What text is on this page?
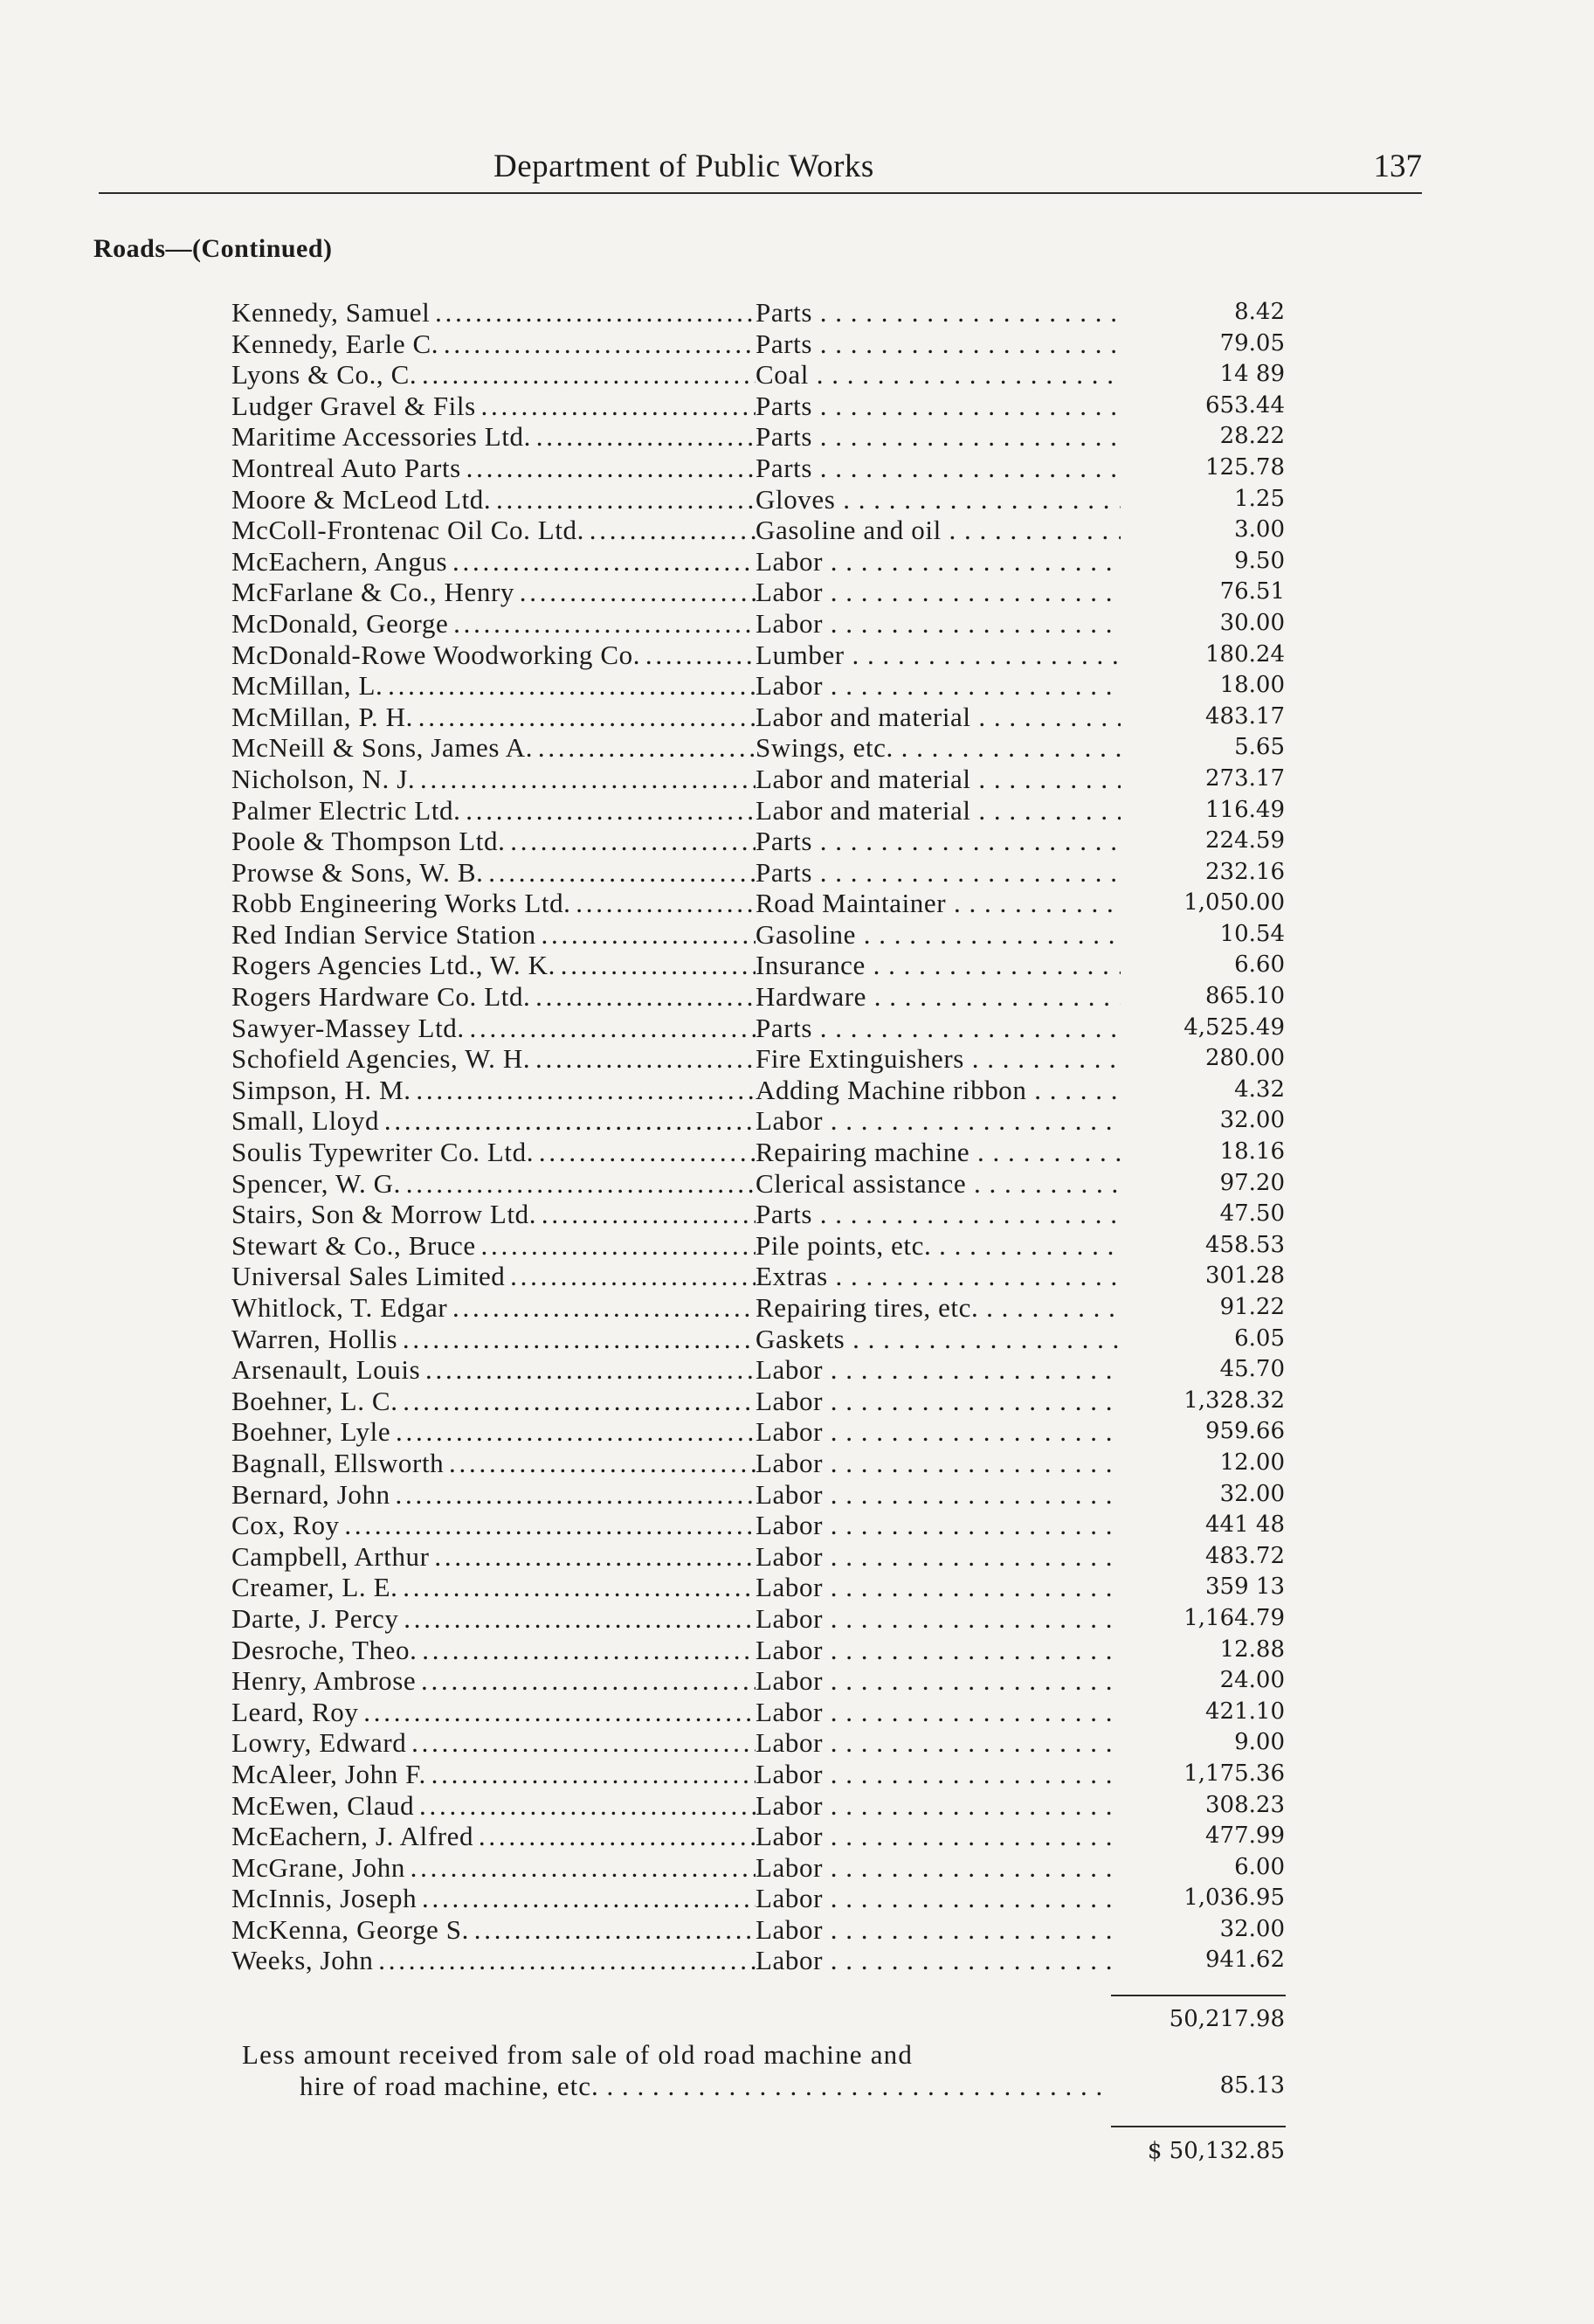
Department of Public Works	137
Roads—(Continued)
Kennedy, Samuel . . .	Parts . . .	8.42
Kennedy, Earle C. . . .	Parts . . .	79.05
Lyons & Co., C. . . .	Coal . . .	14 89
Ludger Gravel & Fils . . .	Parts . . .	653.44
Maritime Accessories Ltd. . . .	Parts . . .	28.22
Montreal Auto Parts . . .	Parts . . .	125.78
Moore & McLeod Ltd. . . .	Gloves . . .	1.25
McColl-Frontenac Oil Co. Ltd. . . .	Gasoline and oil . . .	3.00
McEachern, Angus . . .	Labor . . .	9.50
McFarlane & Co., Henry . . .	Labor . . .	76.51
McDonald, George . . .	Labor . . .	30.00
McDonald-Rowe Woodworking Co. . . .	Lumber . . .	180.24
McMillan, L. . . .	Labor . . .	18.00
McMillan, P. H. . . .	Labor and material . . .	483.17
McNeill & Sons, James A. . . .	Swings, etc. . . .	5.65
Nicholson, N. J. . . .	Labor and material . . .	273.17
Palmer Electric Ltd. . . .	Labor and material . . .	116.49
Poole & Thompson Ltd. . . .	Parts . . .	224.59
Prowse & Sons, W. B. . . .	Parts . . .	232.16
Robb Engineering Works Ltd. . . .	Road Maintainer . . .	1,050.00
Red Indian Service Station . . .	Gasoline . . .	10.54
Rogers Agencies Ltd., W. K. . . .	Insurance . . .	6.60
Rogers Hardware Co. Ltd. . . .	Hardware . . .	865.10
Sawyer-Massey Ltd. . . .	Parts . . .	4,525.49
Schofield Agencies, W. H. . . .	Fire Extinguishers . . .	280.00
Simpson, H. M. . . .	Adding Machine ribbon . . .	4.32
Small, Lloyd . . .	Labor . . .	32.00
Soulis Typewriter Co. Ltd. . . .	Repairing machine . . .	18.16
Spencer, W. G. . . .	Clerical assistance . . .	97.20
Stairs, Son & Morrow Ltd. . . .	Parts . . .	47.50
Stewart & Co., Bruce . . .	Pile points, etc. . . .	458.53
Universal Sales Limited . . .	Extras . . .	301.28
Whitlock, T. Edgar . . .	Repairing tires, etc. . . .	91.22
Warren, Hollis . . .	Gaskets . . .	6.05
Arsenault, Louis . . .	Labor . . .	45.70
Boehner, L. C. . . .	Labor . . .	1,328.32
Boehner, Lyle . . .	Labor . . .	959.66
Bagnall, Ellsworth . . .	Labor . . .	12.00
Bernard, John . . .	Labor . . .	32.00
Cox, Roy . . .	Labor . . .	441 48
Campbell, Arthur . . .	Labor . . .	483.72
Creamer, L. E. . . .	Labor . . .	359 13
Darte, J. Percy . . .	Labor . . .	1,164.79
Desroche, Theo. . . .	Labor . . .	12.88
Henry, Ambrose . . .	Labor . . .	24.00
Leard, Roy . . .	Labor . . .	421.10
Lowry, Edward . . .	Labor . . .	9.00
McAleer, John F. . . .	Labor . . .	1,175.36
McEwen, Claud . . .	Labor . . .	308.23
McEachern, J. Alfred . . .	Labor . . .	477.99
McGrane, John . . .	Labor . . .	6.00
McInnis, Joseph . . .	Labor . . .	1,036.95
McKenna, George S. . . .	Labor . . .	32.00
Weeks, John . . .	Labor . . .	941.62
50,217.98
Less amount received from sale of old road machine and
hire of road machine, etc. . . .	85.13
$ 50,132.85
